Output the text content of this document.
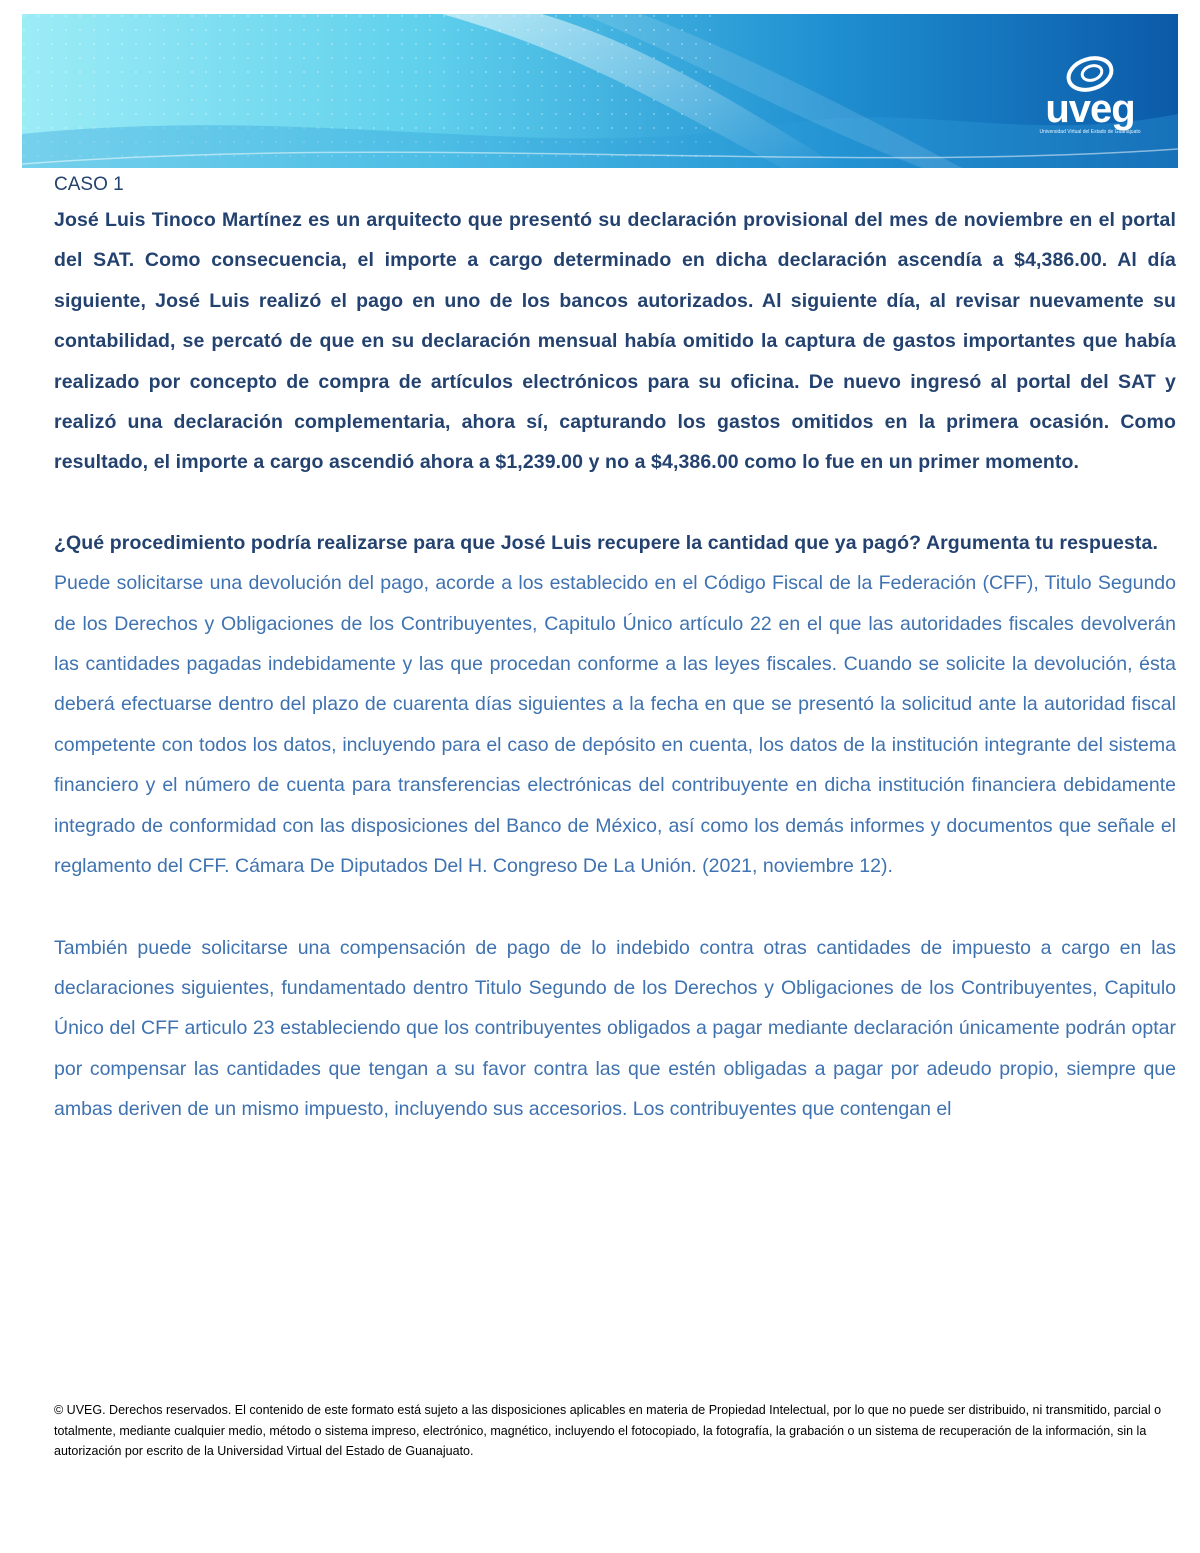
uveg
Universidad Virtual del Estado de Guanajuato
CASO 1

José Luis Tinoco Martínez es un arquitecto que presentó su declaración provisional del mes de noviembre en el portal del SAT. Como consecuencia, el importe a cargo determinado en dicha declaración ascendía a $4,386.00. Al día siguiente, José Luis realizó el pago en uno de los bancos autorizados. Al siguiente día, al revisar nuevamente su contabilidad, se percató de que en su declaración mensual había omitido la captura de gastos importantes que había realizado por concepto de compra de artículos electrónicos para su oficina. De nuevo ingresó al portal del SAT y realizó una declaración complementaria, ahora sí, capturando los gastos omitidos en la primera ocasión. Como resultado, el importe a cargo ascendió ahora a $1,239.00 y no a $4,386.00 como lo fue en un primer momento.

¿Qué procedimiento podría realizarse para que José Luis recupere la cantidad que ya pagó? Argumenta tu respuesta.

Puede solicitarse una devolución del pago, acorde a los establecido en el Código Fiscal de la Federación (CFF), Titulo Segundo de los Derechos y Obligaciones de los Contribuyentes, Capitulo Único artículo 22 en el que las autoridades fiscales devolverán las cantidades pagadas indebidamente y las que procedan conforme a las leyes fiscales. Cuando se solicite la devolución, ésta deberá efectuarse dentro del plazo de cuarenta días siguientes a la fecha en que se presentó la solicitud ante la autoridad fiscal competente con todos los datos, incluyendo para el caso de depósito en cuenta, los datos de la institución integrante del sistema financiero y el número de cuenta para transferencias electrónicas del contribuyente en dicha institución financiera debidamente integrado de conformidad con las disposiciones del Banco de México, así como los demás informes y documentos que señale el reglamento del CFF. Cámara De Diputados Del H. Congreso De La Unión. (2021, noviembre 12).

También puede solicitarse una compensación de pago de lo indebido contra otras cantidades de impuesto a cargo en las declaraciones siguientes, fundamentado dentro Titulo Segundo de los Derechos y Obligaciones de los Contribuyentes, Capitulo Único del CFF articulo 23 estableciendo que los contribuyentes obligados a pagar mediante declaración únicamente podrán optar por compensar las cantidades que tengan a su favor contra las que estén obligadas a pagar por adeudo propio, siempre que ambas deriven de un mismo impuesto, incluyendo sus accesorios. Los contribuyentes que contengan el

© UVEG. Derechos reservados. El contenido de este formato está sujeto a las disposiciones aplicables en materia de Propiedad Intelectual, por lo que no puede ser distribuido, ni transmitido, parcial o totalmente, mediante cualquier medio, método o sistema impreso, electrónico, magnético, incluyendo el fotocopiado, la fotografía, la grabación o un sistema de recuperación de la información, sin la autorización por escrito de la Universidad Virtual del Estado de Guanajuato.
